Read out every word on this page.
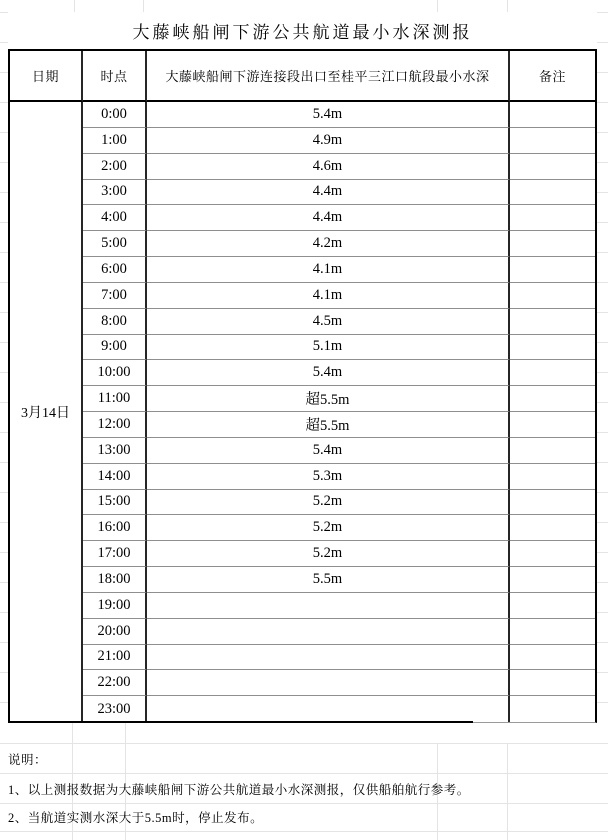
大藤峡船闸下游公共航道最小水深测报
日期	时点	大藤峡船闸下游连接段出口至桂平三江口航段最小水深	备注
3月14日
0:00	5.4m
1:00	4.9m
2:00	4.6m
3:00	4.4m
4:00	4.4m
5:00	4.2m
6:00	4.1m
7:00	4.1m
8:00	4.5m
9:00	5.1m
10:00	5.4m
11:00	超5.5m
12:00	超5.5m
13:00	5.4m
14:00	5.3m
15:00	5.2m
16:00	5.2m
17:00	5.2m
18:00	5.5m
19:00
20:00
21:00
22:00
23:00
说明：
1、以上测报数据为大藤峡船闸下游公共航道最小水深测报，仅供船舶航行参考。
2、当航道实测水深大于5.5m时，停止发布。
